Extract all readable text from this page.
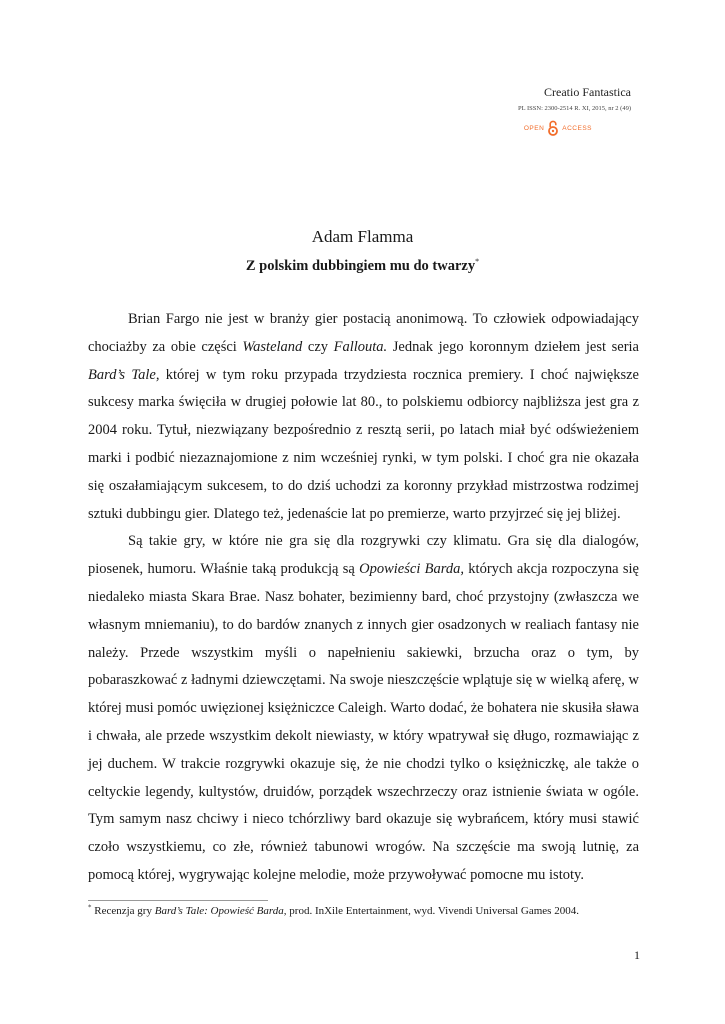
Creatio Fantastica
PL ISSN: 2300-2514 R. XI, 2015, nr 2 (49)
OPEN	ACCESS
Adam Flamma
Z polskim dubbingiem mu do twarzy*

Brian Fargo nie jest w branży gier postacią anonimową. To człowiek odpowiadający chociażby za obie części Wasteland czy Fallouta. Jednak jego koronnym dziełem jest seria Bard’s Tale, której w tym roku przypada trzydziesta rocznica premiery. I choć największe sukcesy marka święciła w drugiej połowie lat 80., to polskiemu odbiorcy najbliższa jest gra z 2004 roku. Tytuł, niezwiązany bezpośrednio z resztą serii, po latach miał być odświeżeniem marki i podbić niezaznajomione z nim wcześniej rynki, w tym polski. I choć gra nie okazała się oszałamiającym sukcesem, to do dziś uchodzi za koronny przykład mistrzostwa rodzimej sztuki dubbingu gier. Dlatego też, jedenaście lat po premierze, warto przyjrzeć się jej bliżej.

Są takie gry, w które nie gra się dla rozgrywki czy klimatu. Gra się dla dialogów, piosenek, humoru. Właśnie taką produkcją są Opowieści Barda, których akcja rozpoczyna się niedaleko miasta Skara Brae. Nasz bohater, bezimienny bard, choć przystojny (zwłaszcza we własnym mniemaniu), to do bardów znanych z innych gier osadzonych w realiach fantasy nie należy. Przede wszystkim myśli o napełnieniu sakiewki, brzucha oraz o tym, by pobaraszkować z ładnymi dziewczętami. Na swoje nieszczęście wplątuje się w wielką aferę, w której musi pomóc uwięzionej księżniczce Caleigh. Warto dodać, że bohatera nie skusiła sława i chwała, ale przede wszystkim dekolt niewiasty, w który wpatrywał się długo, rozmawiając z jej duchem. W trakcie rozgrywki okazuje się, że nie chodzi tylko o księżniczkę, ale także o celtyckie legendy, kultystów, druidów, porządek wszechrzeczy oraz istnienie świata w ogóle. Tym samym nasz chciwy i nieco tchórzliwy bard okazuje się wybrańcem, który musi stawić czoło wszystkiemu, co złe, również tabunowi wrogów. Na szczęście ma swoją lutnię, za pomocą której, wygrywając kolejne melodie, może przywoływać pomocne mu istoty.

* Recenzja gry Bard’s Tale: Opowieść Barda, prod. InXile Entertainment, wyd. Vivendi Universal Games 2004.
1
